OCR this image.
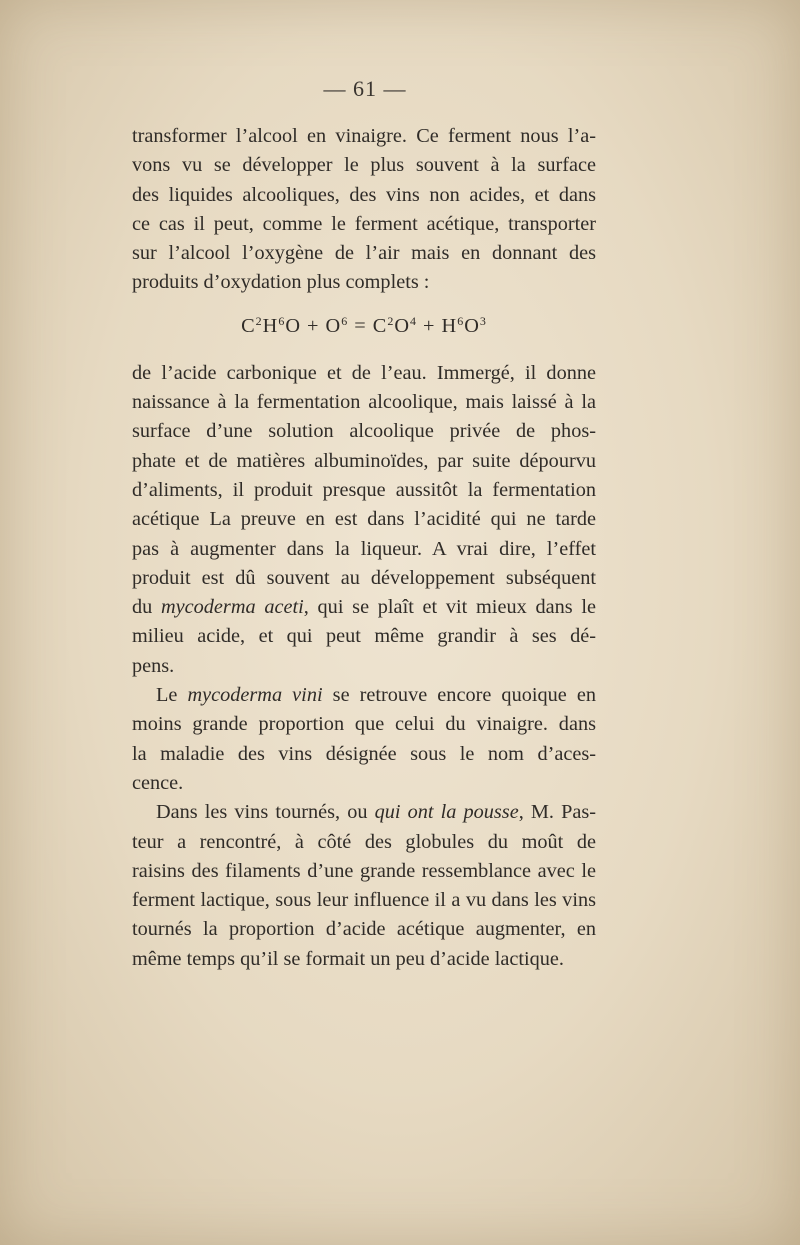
— 61 —
transformer l’alcool en vinaigre. Ce ferment nous l’a-
vons vu se développer le plus souvent à la surface
des liquides alcooliques, des vins non acides, et dans
ce cas il peut, comme le ferment acétique, transporter
sur l’alcool l’oxygène de l’air mais en donnant des
produits d’oxydation plus complets :
$C^2H^6O + O^6 = C^2O^4 + H^6O^3$
de l’acide carbonique et de l’eau. Immergé, il donne
naissance à la fermentation alcoolique, mais laissé à la
surface d’une solution alcoolique privée de phos-
phate et de matières albuminoïdes, par suite dépourvu
d’aliments, il produit presque aussitôt la fermentation
acétique La preuve en est dans l’acidité qui ne tarde
pas à augmenter dans la liqueur. A vrai dire, l’effet
produit est dû souvent au développement subséquent
du mycoderma aceti, qui se plaît et vit mieux dans le
milieu acide, et qui peut même grandir à ses dé-
pens.
Le mycoderma vini se retrouve encore quoique en
moins grande proportion que celui du vinaigre. dans
la maladie des vins désignée sous le nom d’aces-
cence.
Dans les vins tournés, ou qui ont la pousse, M. Pas-
teur a rencontré, à côté des globules du moût de
raisins des filaments d’une grande ressemblance avec le
ferment lactique, sous leur influence il a vu dans les vins
tournés la proportion d’acide acétique augmenter, en
même temps qu’il se formait un peu d’acide lactique.
